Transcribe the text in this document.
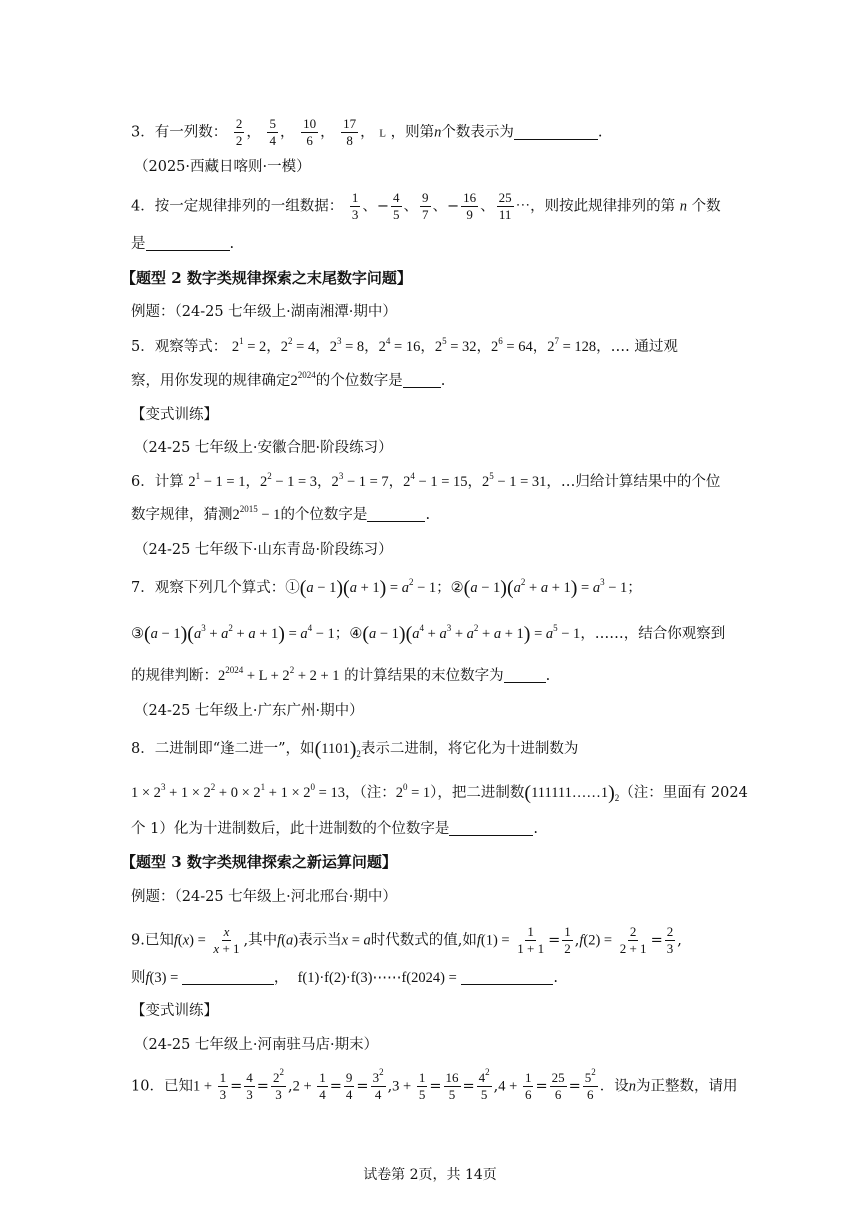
3．有一列数： $\frac{2}{2}$ ， $\frac{5}{4}$ ， $\frac{10}{6}$ ， $\frac{17}{8}$ ， L ，则第n个数表示为	.
（2025·西藏日喀则·一模）
4．按一定规律排列的一组数据： $\frac{1}{3}$ 、− $\frac{4}{5}$ 、 $\frac{9}{7}$ 、− $\frac{16}{9}$ 、 $\frac{25}{11}$ ⋯，则按此规律排列的第 n 个数
是	.
【题型 2 数字类规律探索之末尾数字问题】
例题：（24-25 七年级上·湖南湘潭·期中）
5．观察等式： $2^1 = 2$，$2^2 = 4$，$2^3 = 8$，$2^4 = 16$，$2^5 = 32$，$2^6 = 64$，$2^7 = 128$，…. 通过观
察，用你发现的规律确定$2^{2024}$的个位数字是	.
【变式训练】
（24-25 七年级上·安徽合肥·阶段练习）
6．计算 $2^1 - 1 = 1$，$2^2 - 1 = 3$，$2^3 - 1 = 7$，$2^4 - 1 = 15$，$2^5 - 1 = 31$，…归给计算结果中的个位
数字规律，猜测$2^{2015} - 1$的个位数字是	.
（24-25 七年级下·山东青岛·阶段练习）
7．观察下列几个算式：①(a − $1)(a + 1) = a^2 - 1$；②(a − $1)(a^2 + a + 1) = a^3 - 1$；
③(a − $1)(a^3 + a^2 + a + 1) = a^4 - 1$；④(a − $1)(a^4 + a^3 + a^2 + a + 1) = a^5 - 1$，……，结合你观察到
的规律判断：$2^{2024} + L + 2^2 + 2 + 1$ 的计算结果的末位数字为	.
（24-25 七年级上·广东广州·期中）
8．二进制即“逢二进一”，如$(1101)_2$表示二进制，将它化为十进制数为
$1 \times 2^3 + 1 \times 2^2 + 0 \times 2^1 + 1 \times 2^0 = 13$，（注：$2^0 = 1$），把二进制数$(111111\dots\dots 1)_2$（注：里面有 2024
个 1）化为十进制数后，此十进制数的个位数字是	.
【题型 3 数字类规律探索之新运算问题】
例题：（24-25 七年级上·河北邢台·期中）
9.已知$f(x) = \frac{x}{x + 1}$ ,其中f(a)表示当x = a时代数式的值,如$f(1) = \frac{1}{1 + 1} = \frac{1}{2} ,f(2) = \frac{2}{2 + 1} = \frac{2}{3}$ ,
则f(3) =	，  f(1)·f(2)·f(3)⋯⋯f(2024) =	.
【变式训练】
（24-25 七年级上·河南驻马店·期末）
10．已知$1 + \frac{1}{3} = \frac{4}{3} = \frac{2^2}{3} ,2 + \frac{1}{4} = \frac{9}{4} = \frac{3^2}{4} ,3 + \frac{1}{5} = \frac{16}{5} = \frac{4^2}{5} ,4 + \frac{1}{6} = \frac{25}{6} = \frac{5^2}{6}$ ．设n为正整数，请用
试卷第 2页，共 14页
